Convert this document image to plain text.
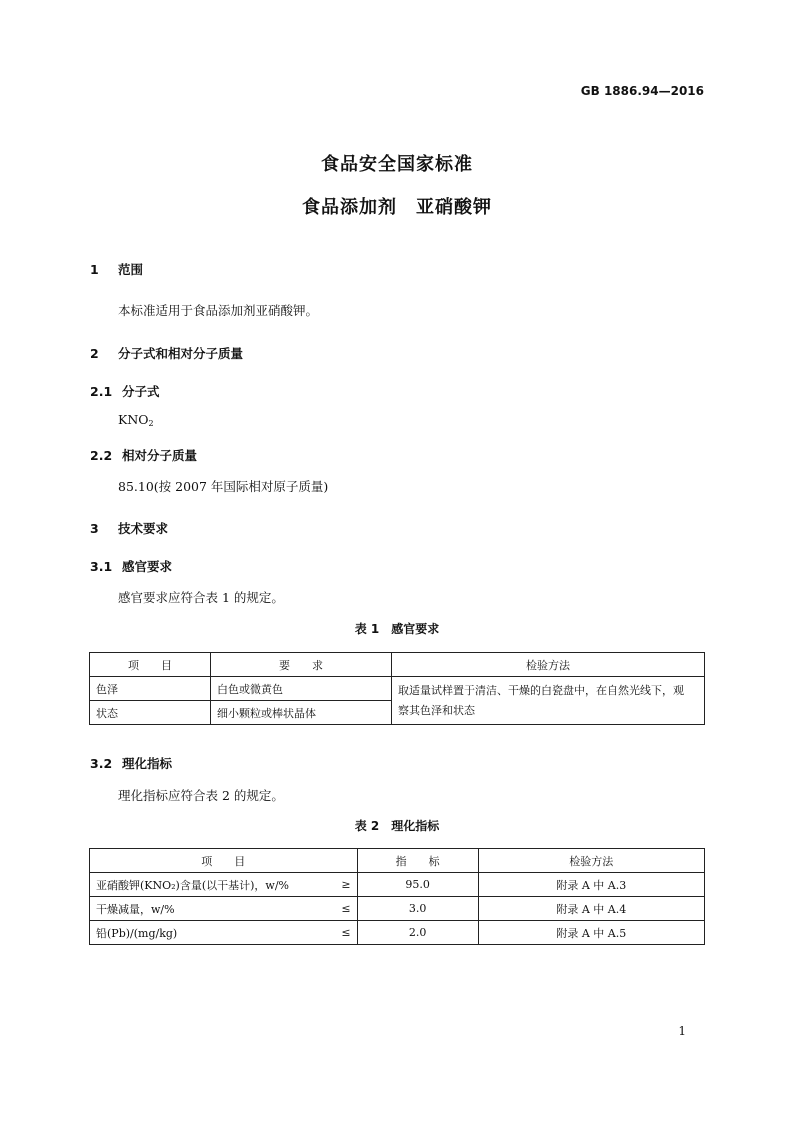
GB 1886.94—2016
食品安全国家标准
食品添加剂　亚硝酸钾
1 范围
本标准适用于食品添加剂亚硝酸钾。
2 分子式和相对分子质量
2.1 分子式
$KNO_2$
2.2 相对分子质量
85.10(按 2007 年国际相对原子质量)
3 技术要求
3.1 感官要求
感官要求应符合表 1 的规定。
表 1　感官要求
项　　目	要　　求	检验方法
色泽	白色或微黄色	取适量试样置于清洁、干燥的白瓷盘中，在自然光线下，观
察其色泽和状态

状态	细小颗粒或棒状晶体	
3.2 理化指标
理化指标应符合表 2 的规定。
表 2　理化指标
项　　目		指　　标	检验方法
亚硝酸钾(KNO₂)含量(以干基计)，w/%	≥	95.0	附录 A 中 A.3
干燥减量，w/%	≤	3.0	附录 A 中 A.4
铅(Pb)/(mg/kg)	≤	2.0	附录 A 中 A.5
1
